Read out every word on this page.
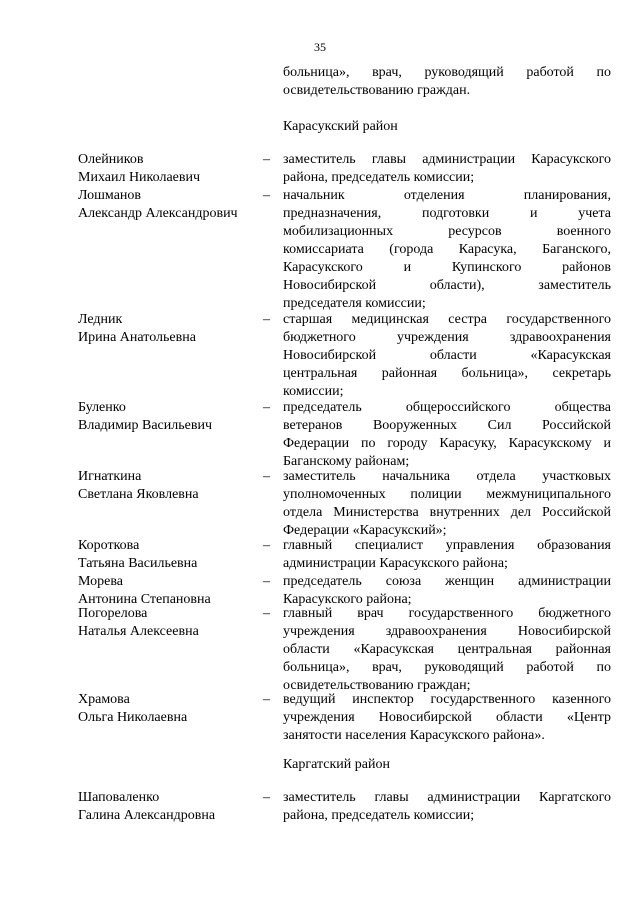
35
больница», врач, руководящий работой по
освидетельствованию граждан.
Карасукский район
Олейников
Михаил Николаевич
– заместитель главы администрации Карасукского
района, председатель комиссии;
Лошманов
Александр Александрович
– начальник отделения планирования,
предназначения, подготовки и учета
мобилизационных ресурсов военного
комиссариата (города Карасука, Баганского,
Карасукского и Купинского районов
Новосибирской области), заместитель
председателя комиссии;
Ледник
Ирина Анатольевна
– старшая медицинская сестра государственного
бюджетного учреждения здравоохранения
Новосибирской области «Карасукская
центральная районная больница», секретарь
комиссии;
Буленко
Владимир Васильевич
– председатель общероссийского общества
ветеранов Вооруженных Сил Российской
Федерации по городу Карасуку, Карасукскому и
Баганскому районам;
Игнаткина
Светлана Яковлевна
– заместитель начальника отдела участковых
уполномоченных полиции межмуниципального
отдела Министерства внутренних дел Российской
Федерации «Карасукский»;
Короткова
Татьяна Васильевна
– главный специалист управления образования
администрации Карасукского района;
Морева
Антонина Степановна
– председатель союза женщин администрации
Карасукского района;
Погорелова
Наталья Алексеевна
– главный врач государственного бюджетного
учреждения здравоохранения Новосибирской
области «Карасукская центральная районная
больница», врач, руководящий работой по
освидетельствованию граждан;
Храмова
Ольга Николаевна
– ведущий инспектор государственного казенного
учреждения Новосибирской области «Центр
занятости населения Карасукского района».
Каргатский район
Шаповаленко
Галина Александровна
– заместитель главы администрации Каргатского
района, председатель комиссии;
